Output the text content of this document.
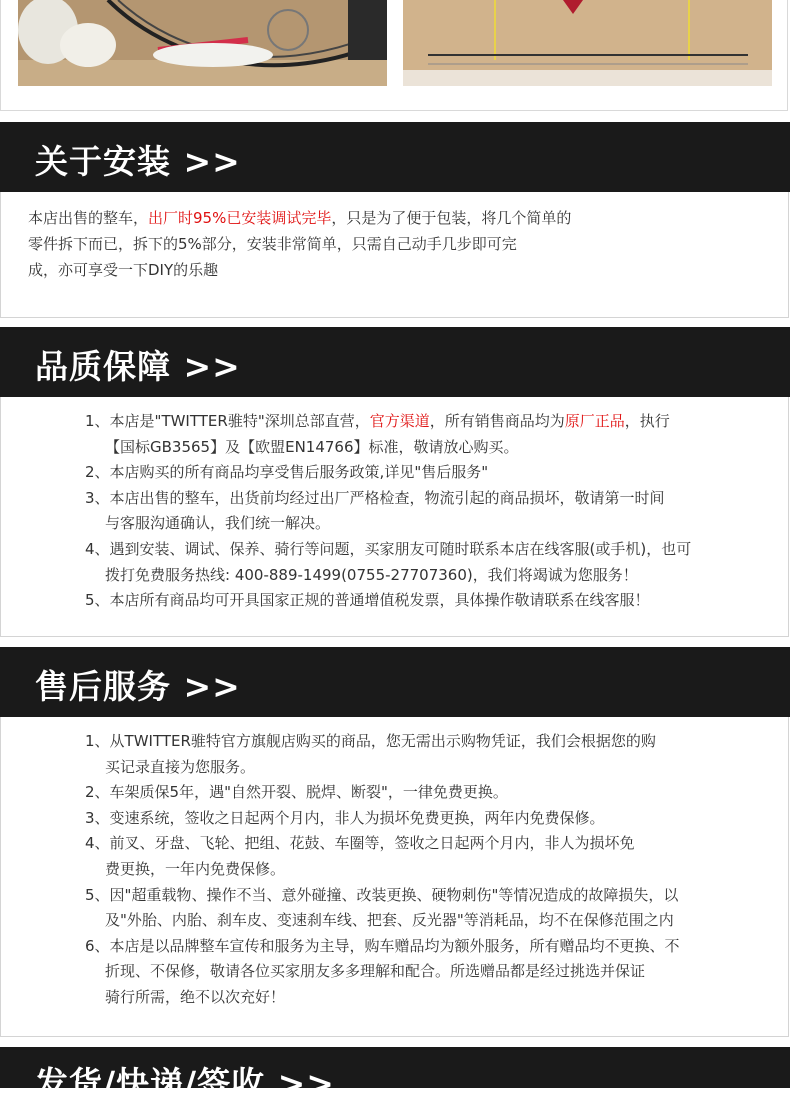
关于安装 >>
本店出售的整车，出厂时95%已安装调试完毕，只是为了便于包装，将几个简单的
零件拆下而已，拆下的5%部分，安装非常简单，只需自己动手几步即可完
成，亦可享受一下DIY的乐趣
品质保障 >>
1、本店是"TWITTER骓特"深圳总部直营，官方渠道，所有销售商品均为原厂正品，执行
【国标GB3565】及【欧盟EN14766】标准，敬请放心购买。
2、本店购买的所有商品均享受售后服务政策,详见"售后服务"
3、本店出售的整车，出货前均经过出厂严格检查，物流引起的商品损坏，敬请第一时间
与客服沟通确认，我们统一解决。
4、遇到安装、调试、保养、骑行等问题，买家朋友可随时联系本店在线客服(或手机)，也可
拨打免费服务热线: 400-889-1499(0755-27707360)，我们将竭诚为您服务！
5、本店所有商品均可开具国家正规的普通增值税发票，具体操作敬请联系在线客服！
售后服务 >>
1、从TWITTER骓特官方旗舰店购买的商品，您无需出示购物凭证，我们会根据您的购
买记录直接为您服务。
2、车架质保5年，遇"自然开裂、脱焊、断裂"，一律免费更换。
3、变速系统，签收之日起两个月内，非人为损坏免费更换，两年内免费保修。
4、前叉、牙盘、飞轮、把组、花鼓、车圈等，签收之日起两个月内，非人为损坏免
费更换，一年内免费保修。
5、因"超重载物、操作不当、意外碰撞、改装更换、硬物刺伤"等情况造成的故障损失，以
及"外胎、内胎、刹车皮、变速刹车线、把套、反光器"等消耗品，均不在保修范围之内
6、本店是以品牌整车宣传和服务为主导，购车赠品均为额外服务，所有赠品均不更换、不
折现、不保修，敬请各位买家朋友多多理解和配合。所选赠品都是经过挑选并保证
骑行所需，绝不以次充好！
发货/快递/签收 >>
